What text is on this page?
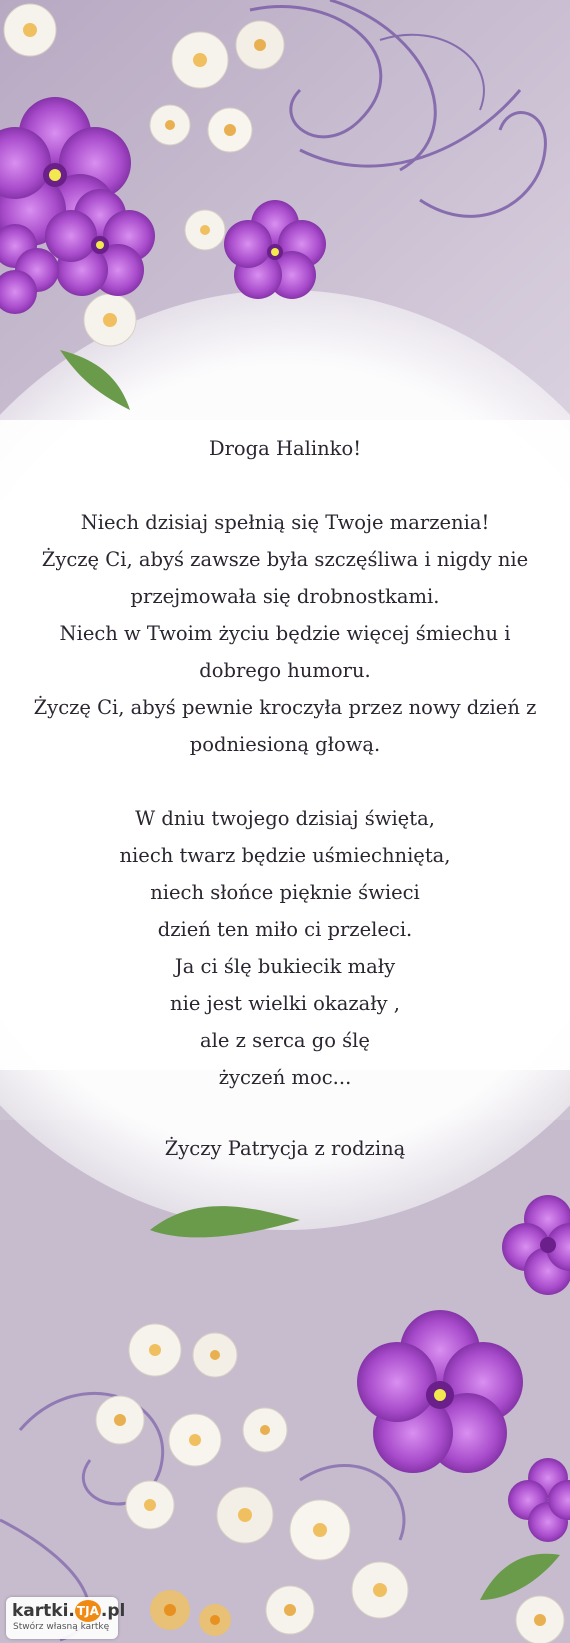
Droga Halinko!
Niech dzisiaj spełnią się Twoje marzenia!
Życzę Ci, abyś zawsze była szczęśliwa i nigdy nie
przejmowała się drobnostkami.
Niech w Twoim życiu będzie więcej śmiechu i
dobrego humoru.
Życzę Ci, abyś pewnie kroczyła przez nowy dzień z
podniesioną głową.
W dniu twojego dzisiaj święta,
niech twarz będzie uśmiechnięta,
niech słońce pięknie świeci
dzień ten miło ci przeleci.
Ja ci ślę bukiecik mały
nie jest wielki okazały ,
ale z serca go ślę
życzeń moc...
Życzy Patrycja z rodziną
kartki. TJA .pl
Stwórz własną kartkę
